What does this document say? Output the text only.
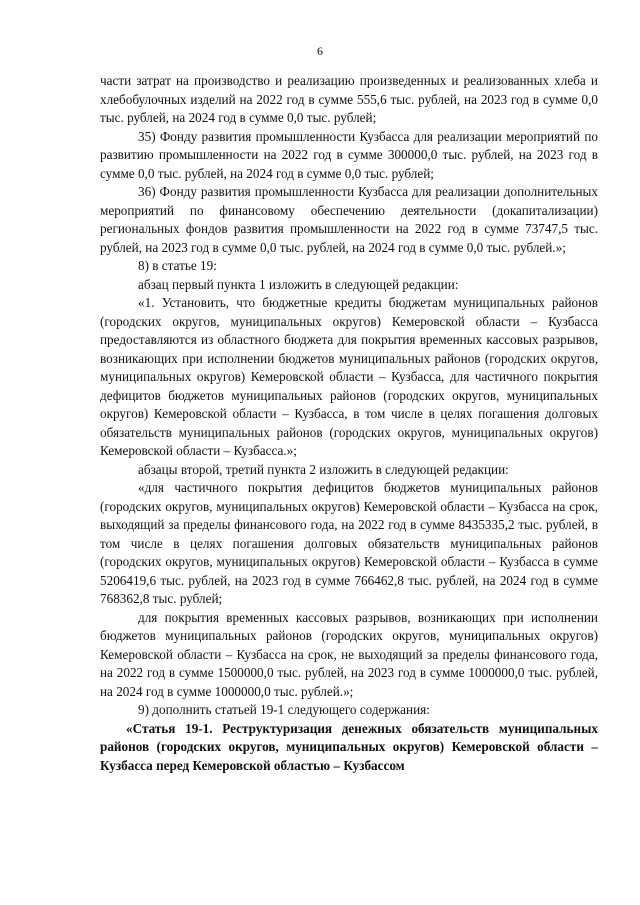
6

части затрат на производство и реализацию произведенных и реализованных хлеба и хлебобулочных изделий на 2022 год в сумме 555,6 тыс. рублей, на 2023 год в сумме 0,0 тыс. рублей, на 2024 год в сумме 0,0 тыс. рублей;

35) Фонду развития промышленности Кузбасса для реализации мероприятий по развитию промышленности на 2022 год в сумме 300000,0 тыс. рублей, на 2023 год в сумме 0,0 тыс. рублей, на 2024 год в сумме 0,0 тыс. рублей;

36) Фонду развития промышленности Кузбасса для реализации дополнительных мероприятий по финансовому обеспечению деятельности (докапитализации) региональных фондов развития промышленности на 2022 год в сумме 73747,5 тыс. рублей, на 2023 год в сумме 0,0 тыс. рублей, на 2024 год в сумме 0,0 тыс. рублей.»;

8) в статье 19:

абзац первый пункта 1 изложить в следующей редакции:

«1. Установить, что бюджетные кредиты бюджетам муниципальных районов (городских округов, муниципальных округов) Кемеровской области – Кузбасса предоставляются из областного бюджета для покрытия временных кассовых разрывов, возникающих при исполнении бюджетов муниципальных районов (городских округов, муниципальных округов) Кемеровской области – Кузбасса, для частичного покрытия дефицитов бюджетов муниципальных районов (городских округов, муниципальных округов) Кемеровской области – Кузбасса, в том числе в целях погашения долговых обязательств муниципальных районов (городских округов, муниципальных округов) Кемеровской области – Кузбасса.»;

абзацы второй, третий пункта 2 изложить в следующей редакции:

«для частичного покрытия дефицитов бюджетов муниципальных районов (городских округов, муниципальных округов) Кемеровской области – Кузбасса на срок, выходящий за пределы финансового года, на 2022 год в сумме 8435335,2 тыс. рублей, в том числе в целях погашения долговых обязательств муниципальных районов (городских округов, муниципальных округов) Кемеровской области – Кузбасса в сумме 5206419,6 тыс. рублей, на 2023 год в сумме 766462,8 тыс. рублей, на 2024 год в сумме 768362,8 тыс. рублей;

для покрытия временных кассовых разрывов, возникающих при исполнении бюджетов муниципальных районов (городских округов, муниципальных округов) Кемеровской области – Кузбасса на срок, не выходящий за пределы финансового года, на 2022 год в сумме 1500000,0 тыс. рублей, на 2023 год в сумме 1000000,0 тыс. рублей, на 2024 год в сумме 1000000,0 тыс. рублей.»;

9) дополнить статьей 19-1 следующего содержания:

«Статья 19-1. Реструктуризация денежных обязательств муниципальных районов (городских округов, муниципальных округов) Кемеровской области – Кузбасса перед Кемеровской областью – Кузбассом
